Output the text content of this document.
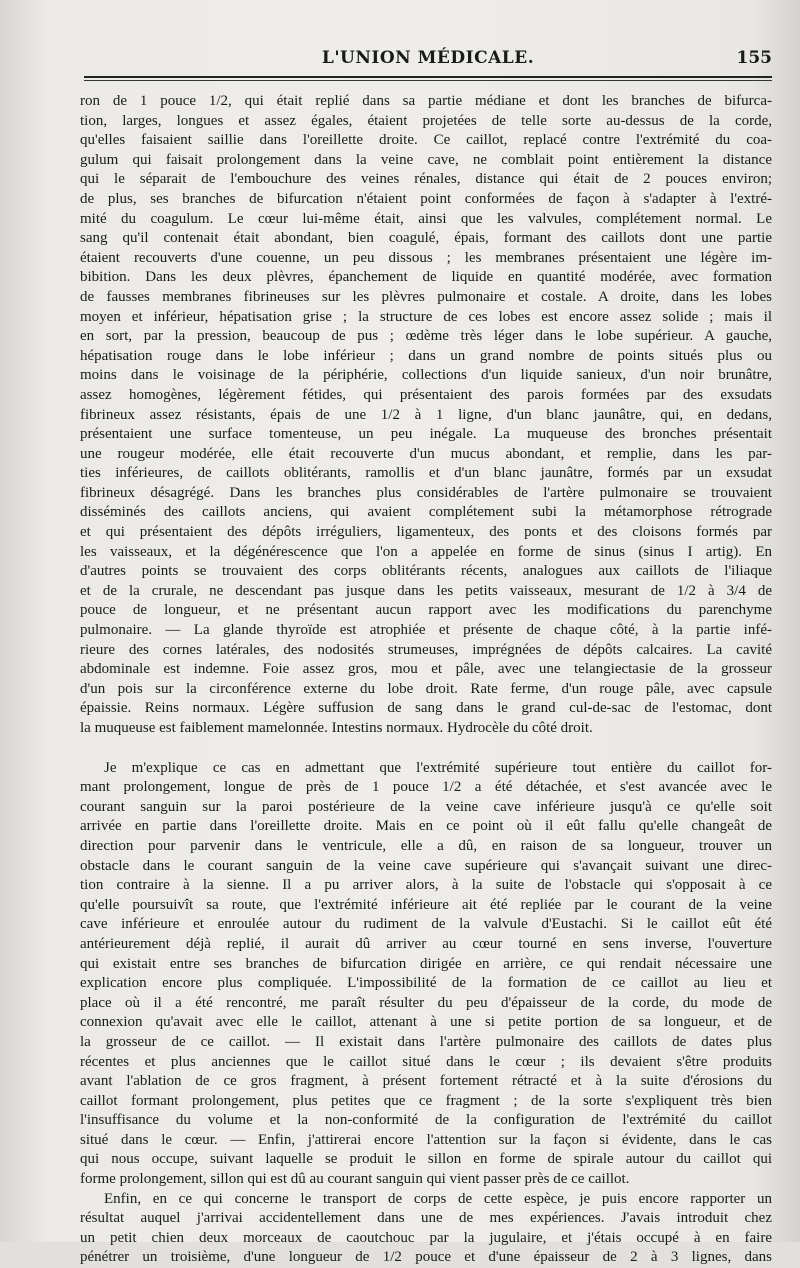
L'UNION MÉDICALE.	155
ron de 1 pouce 1/2, qui était replié dans sa partie médiane et dont les branches de bifurca-
tion, larges, longues et assez égales, étaient projetées de telle sorte au-dessus de la corde,
qu'elles faisaient saillie dans l'oreillette droite. Ce caillot, replacé contre l'extrémité du coa-
gulum qui faisait prolongement dans la veine cave, ne comblait point entièrement la distance
qui le séparait de l'embouchure des veines rénales, distance qui était de 2 pouces environ;
de plus, ses branches de bifurcation n'étaient point conformées de façon à s'adapter à l'extré-
mité du coagulum. Le cœur lui-même était, ainsi que les valvules, complétement normal. Le
sang qu'il contenait était abondant, bien coagulé, épais, formant des caillots dont une partie
étaient recouverts d'une couenne, un peu dissous ; les membranes présentaient une légère im-
bibition. Dans les deux plèvres, épanchement de liquide en quantité modérée, avec formation
de fausses membranes fibrineuses sur les plèvres pulmonaire et costale. A droite, dans les lobes
moyen et inférieur, hépatisation grise ; la structure de ces lobes est encore assez solide ; mais il
en sort, par la pression, beaucoup de pus ; œdème très léger dans le lobe supérieur. A gauche,
hépatisation rouge dans le lobe inférieur ; dans un grand nombre de points situés plus ou
moins dans le voisinage de la périphérie, collections d'un liquide sanieux, d'un noir brunâtre,
assez homogènes, légèrement fétides, qui présentaient des parois formées par des exsudats
fibrineux assez résistants, épais de une 1/2 à 1 ligne, d'un blanc jaunâtre, qui, en dedans,
présentaient une surface tomenteuse, un peu inégale. La muqueuse des bronches présentait
une rougeur modérée, elle était recouverte d'un mucus abondant, et remplie, dans les par-
ties inférieures, de caillots oblitérants, ramollis et d'un blanc jaunâtre, formés par un exsudat
fibrineux désagrégé. Dans les branches plus considérables de l'artère pulmonaire se trouvaient
disséminés des caillots anciens, qui avaient complétement subi la métamorphose rétrograde
et qui présentaient des dépôts irréguliers, ligamenteux, des ponts et des cloisons formés par
les vaisseaux, et la dégénérescence que l'on a appelée en forme de sinus (sinus I artig). En
d'autres points se trouvaient des corps oblitérants récents, analogues aux caillots de l'iliaque
et de la crurale, ne descendant pas jusque dans les petits vaisseaux, mesurant de 1/2 à 3/4 de
pouce de longueur, et ne présentant aucun rapport avec les modifications du parenchyme
pulmonaire. — La glande thyroïde est atrophiée et présente de chaque côté, à la partie infé-
rieure des cornes latérales, des nodosités strumeuses, imprégnées de dépôts calcaires. La cavité
abdominale est indemne. Foie assez gros, mou et pâle, avec une telangiectasie de la grosseur
d'un pois sur la circonférence externe du lobe droit. Rate ferme, d'un rouge pâle, avec capsule
épaissie. Reins normaux. Légère suffusion de sang dans le grand cul-de-sac de l'estomac, dont
la muqueuse est faiblement mamelonnée. Intestins normaux. Hydrocèle du côté droit.
Je m'explique ce cas en admettant que l'extrémité supérieure tout entière du caillot for-
mant prolongement, longue de près de 1 pouce 1/2 a été détachée, et s'est avancée avec le
courant sanguin sur la paroi postérieure de la veine cave inférieure jusqu'à ce qu'elle soit
arrivée en partie dans l'oreillette droite. Mais en ce point où il eût fallu qu'elle changeât de
direction pour parvenir dans le ventricule, elle a dû, en raison de sa longueur, trouver un
obstacle dans le courant sanguin de la veine cave supérieure qui s'avançait suivant une direc-
tion contraire à la sienne. Il a pu arriver alors, à la suite de l'obstacle qui s'opposait à ce
qu'elle poursuivît sa route, que l'extrémité inférieure ait été repliée par le courant de la veine
cave inférieure et enroulée autour du rudiment de la valvule d'Eustachi. Si le caillot eût été
antérieurement déjà replié, il aurait dû arriver au cœur tourné en sens inverse, l'ouverture
qui existait entre ses branches de bifurcation dirigée en arrière, ce qui rendait nécessaire une
explication encore plus compliquée. L'impossibilité de la formation de ce caillot au lieu et
place où il a été rencontré, me paraît résulter du peu d'épaisseur de la corde, du mode de
connexion qu'avait avec elle le caillot, attenant à une si petite portion de sa longueur, et de
la grosseur de ce caillot. — Il existait dans l'artère pulmonaire des caillots de dates plus
récentes et plus anciennes que le caillot situé dans le cœur ; ils devaient s'être produits
avant l'ablation de ce gros fragment, à présent fortement rétracté et à la suite d'érosions du
caillot formant prolongement, plus petites que ce fragment ; de la sorte s'expliquent très bien
l'insuffisance du volume et la non-conformité de la configuration de l'extrémité du caillot
situé dans le cœur. — Enfin, j'attirerai encore l'attention sur la façon si évidente, dans le cas
qui nous occupe, suivant laquelle se produit le sillon en forme de spirale autour du caillot qui
forme prolongement, sillon qui est dû au courant sanguin qui vient passer près de ce caillot.
Enfin, en ce qui concerne le transport de corps de cette espèce, je puis encore rapporter un
résultat auquel j'arrivai accidentellement dans une de mes expériences. J'avais introduit chez
un petit chien deux morceaux de caoutchouc par la jugulaire, et j'étais occupé à en faire
pénétrer un troisième, d'une longueur de 1/2 pouce et d'une épaisseur de 2 à 3 lignes, dans
